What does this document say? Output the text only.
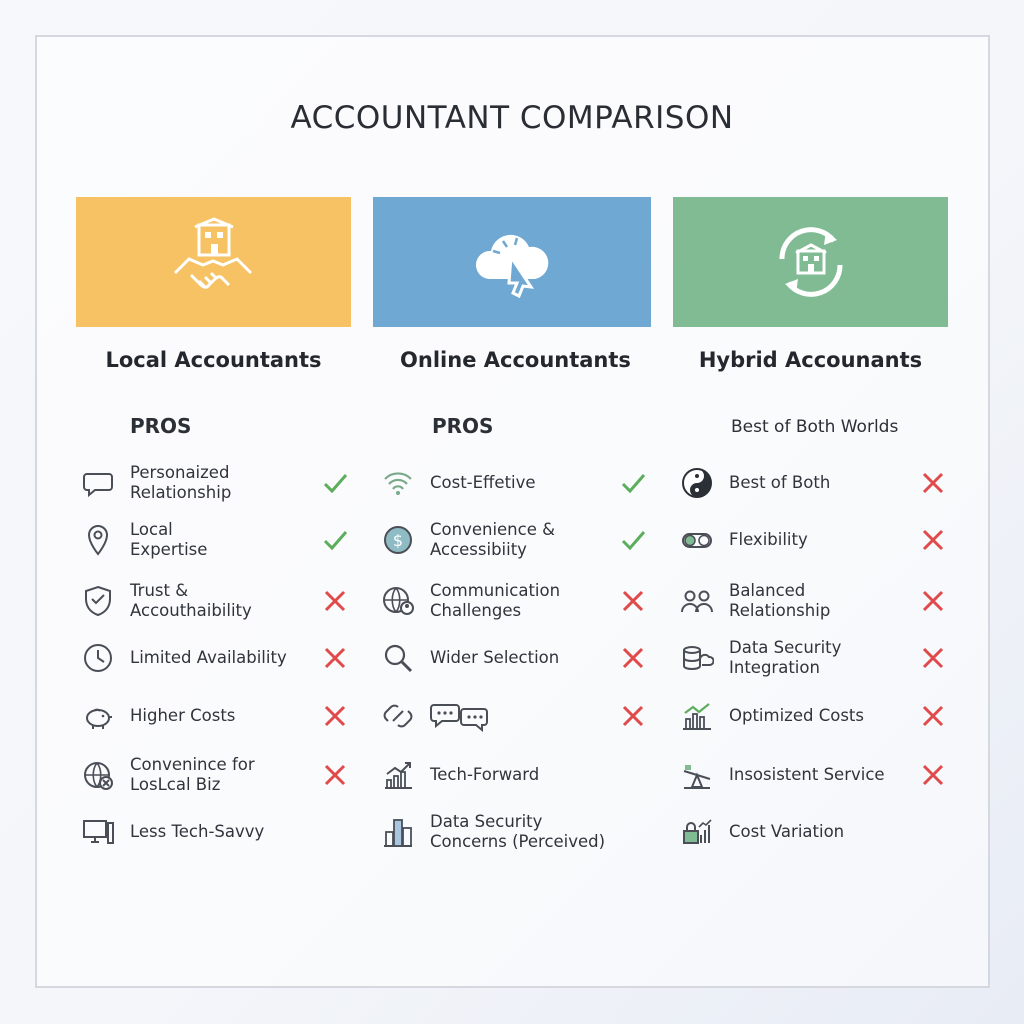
ACCOUNTANT COMPARISON
Local Accountants
PROS
Personaized
Relationship
Local
Expertise
Trust &
Accouthaibility
Limited Availability
Higher Costs
Convenince for
LosLcal Biz
Less Tech-Savvy
Online Accountants
PROS
Cost-Effetive
$
Convenience &
Accessibiity
Communication
Challenges
Wider Selection
Tech-Forward
Data Security
Concerns (Perceived)
Hybrid Accounants
Best of Both Worlds
Best of Both
Flexibility
Balanced
Relationship
Data Security
Integration
Optimized Costs
Insosistent Service
Cost Variation
